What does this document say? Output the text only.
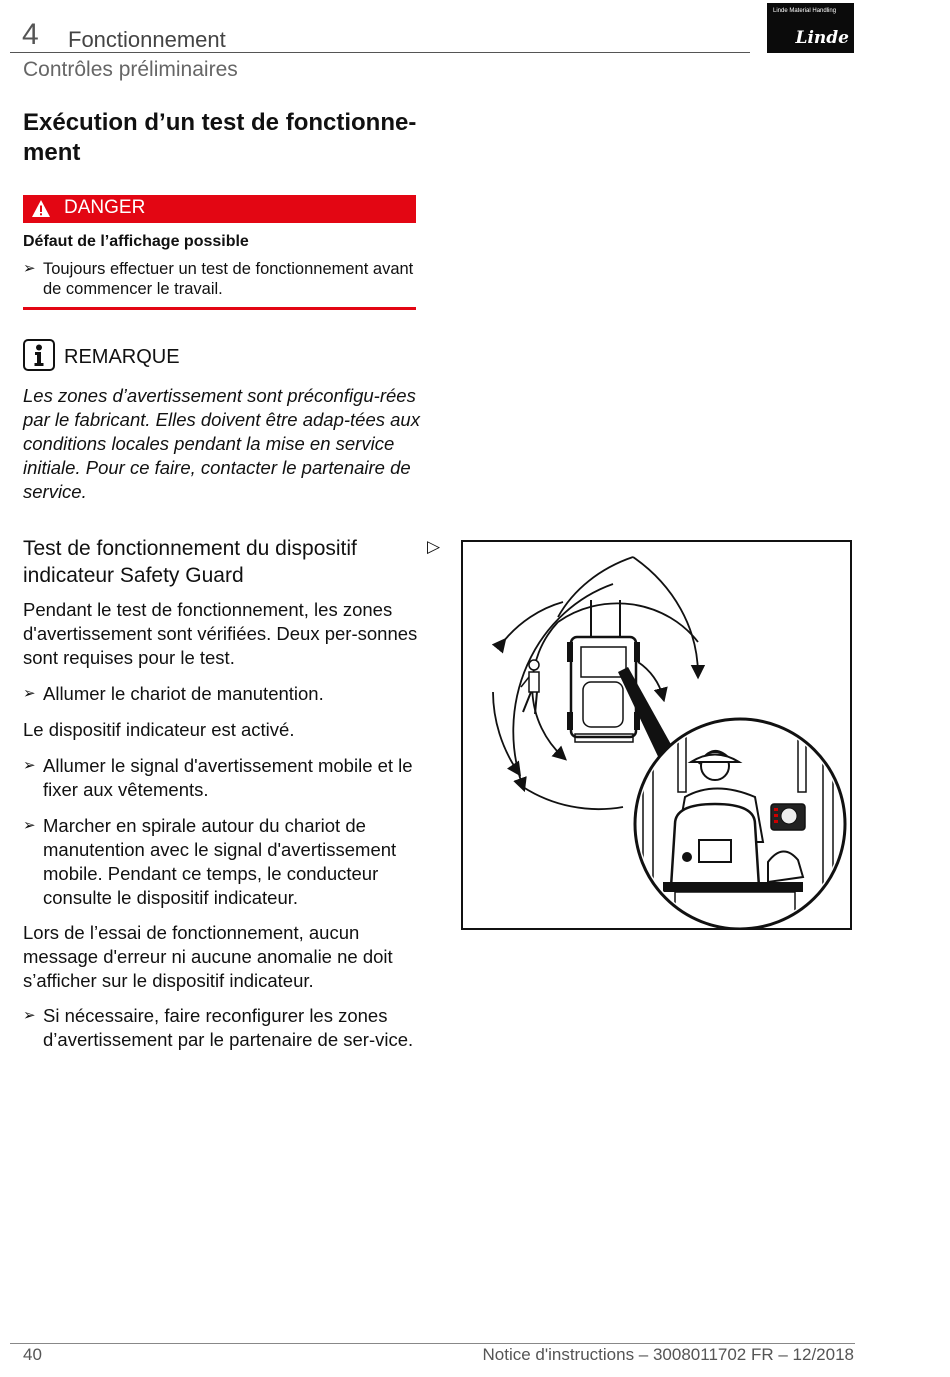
4 Fonctionnement
Contrôles préliminaires
Linde Material Handling
Linde
Exécution d’un test de fonctionne-ment
DANGER
Défaut de l’affichage possible
➢ Toujours effectuer un test de fonctionnement avant de commencer le travail.
REMARQUE
Les zones d’avertissement sont préconfigu-rées par le fabricant. Elles doivent être adap-tées aux conditions locales pendant la mise en service initiale. Pour ce faire, contacter le partenaire de service.
Test de fonctionnement du dispositif indicateur Safety Guard
▷
Pendant le test de fonctionnement, les zones d'avertissement sont vérifiées. Deux per-sonnes sont requises pour le test.
➢ Allumer le chariot de manutention.
Le dispositif indicateur est activé.
➢ Allumer le signal d'avertissement mobile et le fixer aux vêtements.
➢ Marcher en spirale autour du chariot de manutention avec le signal d'avertissement mobile. Pendant ce temps, le conducteur consulte le dispositif indicateur.
Lors de l’essai de fonctionnement, aucun message d'erreur ni aucune anomalie ne doit s’afficher sur le dispositif indicateur.
➢ Si nécessaire, faire reconfigurer les zones d’avertissement par le partenaire de ser-vice.
40	Notice d'instructions – 3008011702 FR – 12/2018
